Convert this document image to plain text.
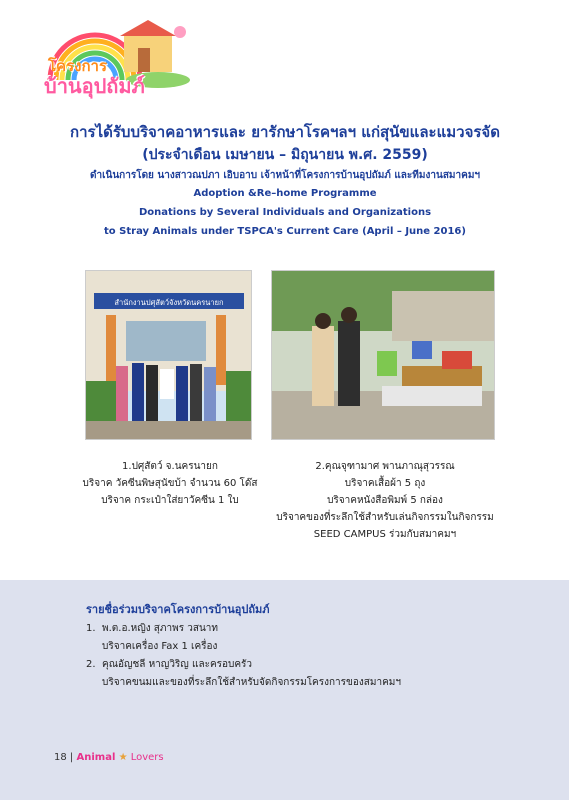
โครงการ
บ้านอุปถัมภ์
การได้รับบริจาคอาหารและ ยารักษาโรคฯลฯ แก่สุนัขและแมวจรจัด
(ประจำเดือน เมษายน – มิถุนายน พ.ศ. 2559)
ดำเนินการโดย นางสาวณปภา เอิบอาบ เจ้าหน้าที่โครงการบ้านอุปถัมภ์ และทีมงานสมาคมฯ
Adoption &Re–home Programme
Donations by Several Individuals and Organizations
to Stray Animals under TSPCA's Current Care (April – June 2016)
สำนักงานปศุสัตว์จังหวัดนครนายก
1.ปศุสัตว์ จ.นครนายก
บริจาค วัคซีนพิษสุนัขบ้า จำนวน 60 โด๊ส
บริจาค กระเป๋าใส่ยาวัคซีน 1 ใบ
2.คุณจุฑามาศ พานภาณุสุวรรณ
บริจาคเสื้อผ้า 5 ถุง
บริจาคหนังสือพิมพ์ 5 กล่อง
บริจาคของที่ระลึกใช้สำหรับเล่นกิจกรรมในกิจกรรม
SEED CAMPUS ร่วมกับสมาคมฯ
รายชื่อร่วมบริจาคโครงการบ้านอุปถัมภ์
1. พ.ต.อ.หญิง สุภาพร วสนาท
บริจาคเครื่อง Fax 1 เครื่อง
2. คุณอัญชลี หาญวิริญ และครอบครัว
บริจาคขนมและของที่ระลึกใช้สำหรับจัดกิจกรรมโครงการของสมาคมฯ
18 | Animal ★ Lovers
